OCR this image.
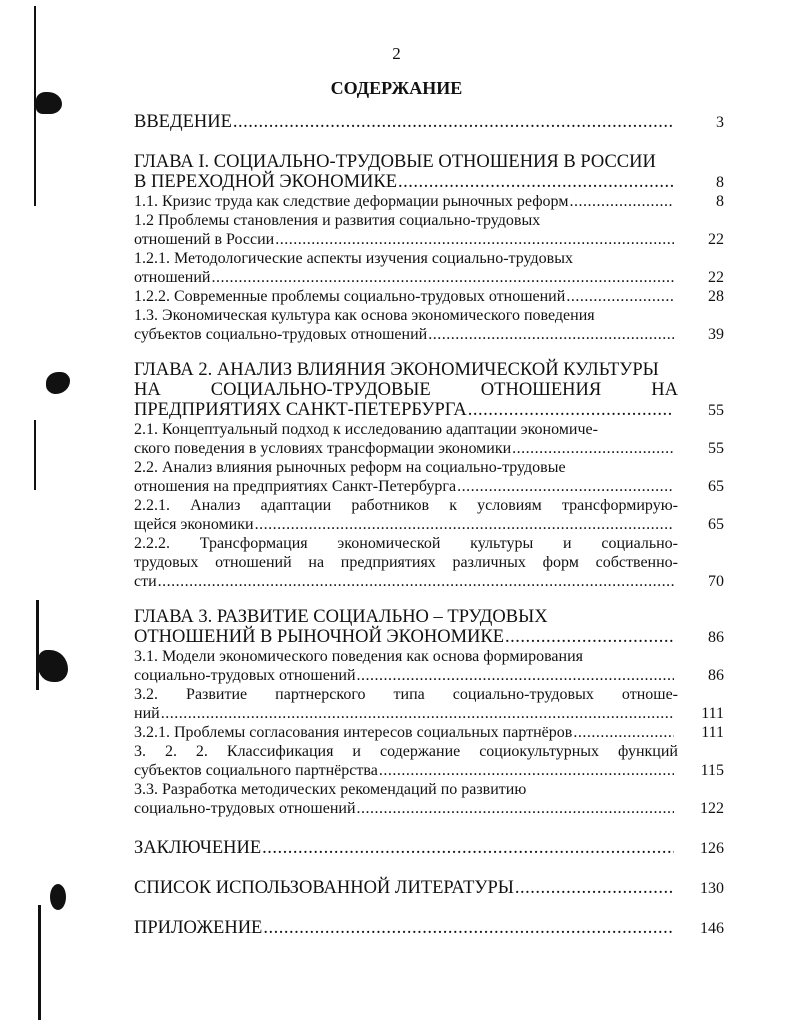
2
СОДЕРЖАНИЕ
ВВЕДЕНИЕ .....	3
ГЛАВА I. СОЦИАЛЬНО-ТРУДОВЫЕ ОТНОШЕНИЯ В РОССИИ
В ПЕРЕХОДНОЙ ЭКОНОМИКЕ .....	8
1.1. Кризис труда как следствие деформации рыночных реформ .....	8
1.2 Проблемы становления и развития социально-трудовых
отношений в России .....	22
1.2.1. Методологические аспекты изучения социально-трудовых
отношений .....	22
1.2.2. Современные проблемы социально-трудовых отношений .....	28
1.3. Экономическая культура как основа экономического поведения
субъектов социально-трудовых отношений .....	39
ГЛАВА 2. АНАЛИЗ ВЛИЯНИЯ ЭКОНОМИЧЕСКОЙ КУЛЬТУРЫ
НА СОЦИАЛЬНО-ТРУДОВЫЕ ОТНОШЕНИЯ НА
ПРЕДПРИЯТИЯХ САНКТ-ПЕТЕРБУРГА .....	55
2.1. Концептуальный подход к исследованию адаптации экономиче-
ского поведения в условиях трансформации экономики .....	55
2.2. Анализ влияния рыночных реформ на социально-трудовые
отношения на предприятиях Санкт-Петербурга .....	65
2.2.1. Анализ адаптации работников к условиям трансформирую-
щейся экономики .....	65
2.2.2. Трансформация экономической культуры и социально-
трудовых отношений на предприятиях различных форм собственно-
сти .....	70
ГЛАВА 3. РАЗВИТИЕ СОЦИАЛЬНО – ТРУДОВЫХ
ОТНОШЕНИЙ В РЫНОЧНОЙ ЭКОНОМИКЕ .....	86
3.1. Модели экономического поведения как основа формирования
социально-трудовых отношений .....	86
3.2. Развитие партнерского типа социально-трудовых отноше-
ний .....	111
3.2.1. Проблемы согласования интересов социальных партнёров .....	111
3. 2. 2. Классификация и содержание социокультурных функций
субъектов социального партнёрства .....	115
3.3. Разработка методических рекомендаций по развитию
социально-трудовых отношений .....	122
ЗАКЛЮЧЕНИЕ .....	126
СПИСОК ИСПОЛЬЗОВАННОЙ ЛИТЕРАТУРЫ .....	130
ПРИЛОЖЕНИЕ .....	146
